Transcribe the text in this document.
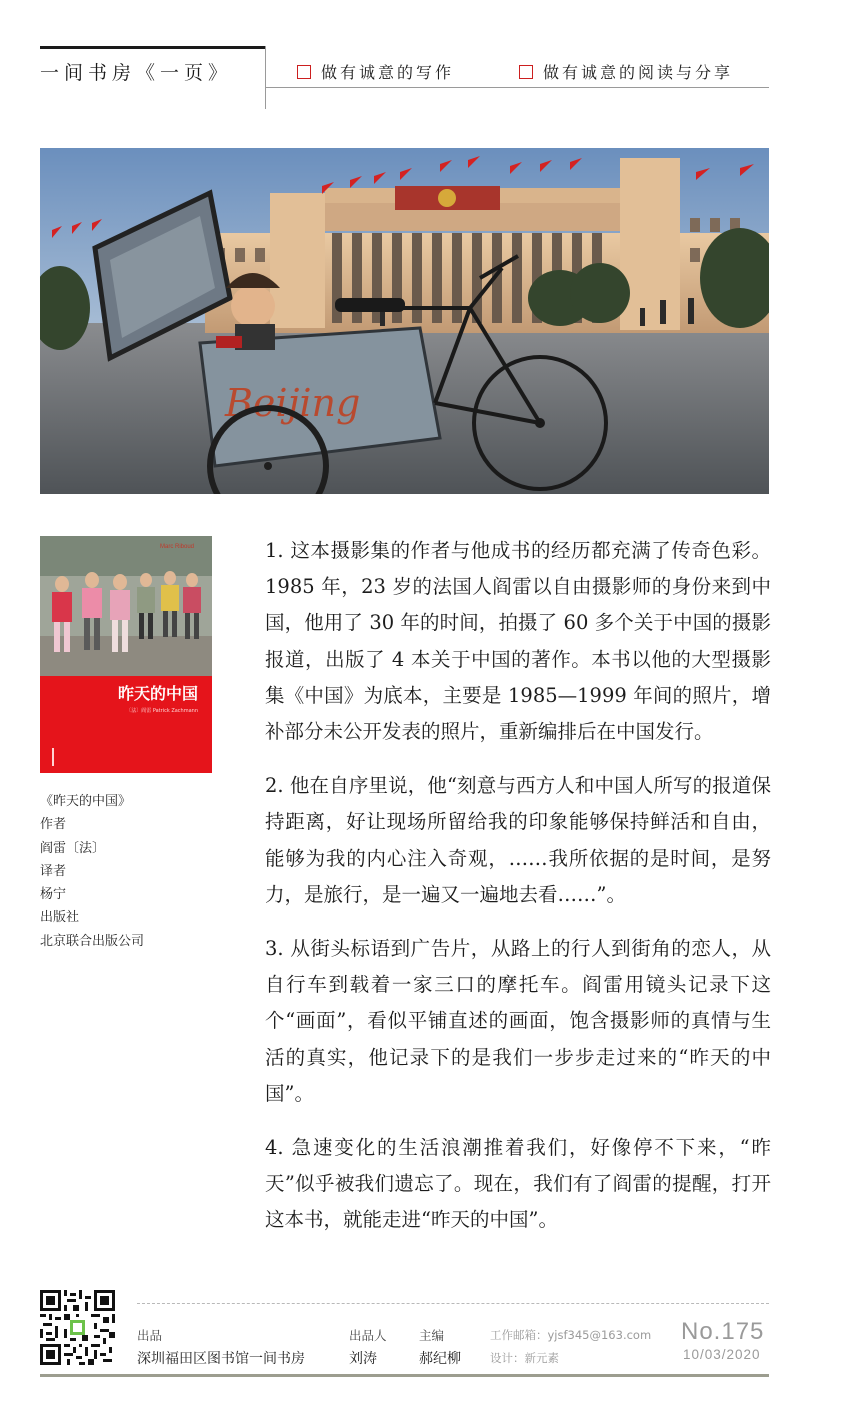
一间书房《一页》	做有诚意的写作	做有诚意的阅读与分享
Beijing
Marc Riboud
昨天的中国
〔法〕阎雷 Patrick Zachmann
《昨天的中国》
作者
阎雷〔法〕
译者
杨宁
出版社
北京联合出版公司

1. 这本摄影集的作者与他成书的经历都充满了传奇色彩。1985 年，23 岁的法国人阎雷以自由摄影师的身份来到中国，他用了 30 年的时间，拍摄了 60 多个关于中国的摄影报道，出版了 4 本关于中国的著作。本书以他的大型摄影集《中国》为底本，主要是 1985—1999 年间的照片，增补部分未公开发表的照片，重新编排后在中国发行。

2. 他在自序里说，他“刻意与西方人和中国人所写的报道保持距离，好让现场所留给我的印象能够保持鲜活和自由，能够为我的内心注入奇观，……我所依据的是时间，是努力，是旅行，是一遍又一遍地去看……”。

3. 从街头标语到广告片，从路上的行人到街角的恋人，从自行车到载着一家三口的摩托车。阎雷用镜头记录下这个“画面”，看似平铺直述的画面，饱含摄影师的真情与生活的真实，他记录下的是我们一步步走过来的“昨天的中国”。

4. 急速变化的生活浪潮推着我们，好像停不下来，“昨天”似乎被我们遗忘了。现在，我们有了阎雷的提醒，打开这本书，就能走进“昨天的中国”。

出品
深圳福田区图书馆一间书房
出品人
刘涛
主编
郝纪柳
工作邮箱：yjsf345@163.com
设计：新元素
No.175
10/03/2020
